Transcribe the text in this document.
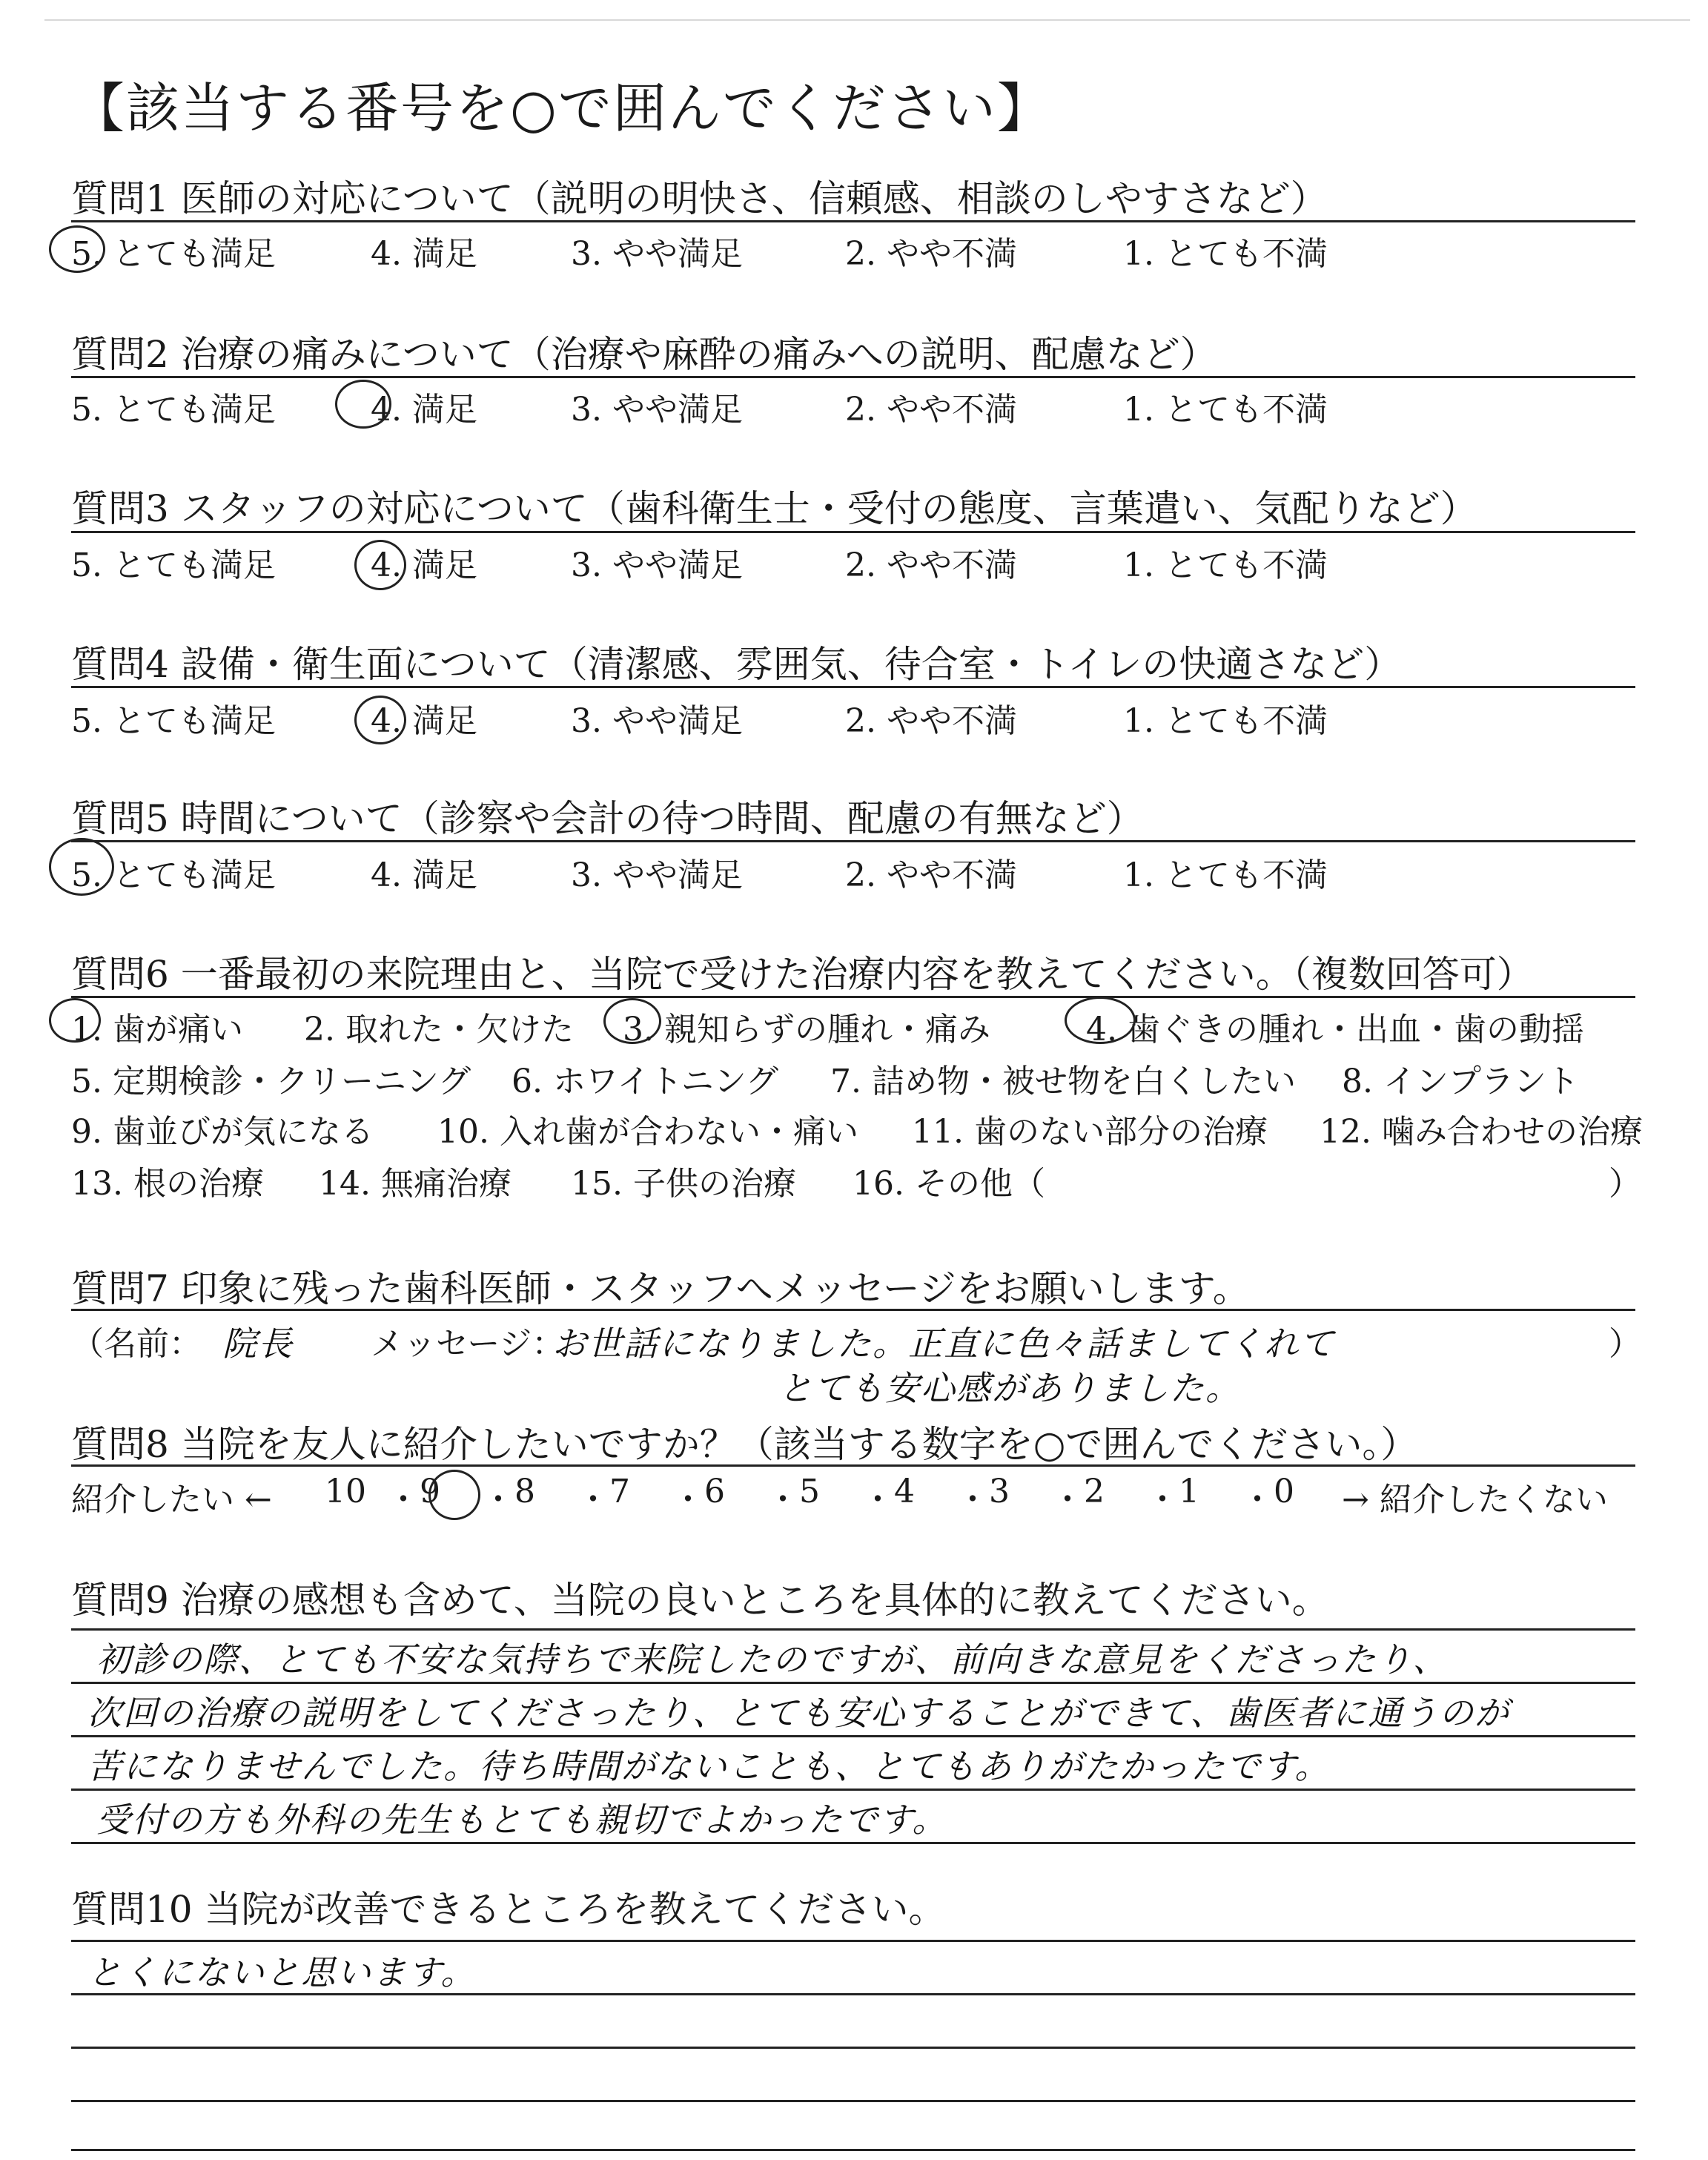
【該当する番号を○で囲んでください】
質問1 医師の対応について（説明の明快さ、信頼感、相談のしやすさなど）
5. とても満足	4. 満足	3. やや満足	2. やや不満	1. とても不満
質問2 治療の痛みについて（治療や麻酔の痛みへの説明、配慮など）
5. とても満足	4. 満足	3. やや満足	2. やや不満	1. とても不満
質問3 スタッフの対応について（歯科衛生士・受付の態度、言葉遣い、気配りなど）
5. とても満足	4. 満足	3. やや満足	2. やや不満	1. とても不満
質問4 設備・衛生面について（清潔感、雰囲気、待合室・トイレの快適さなど）
5. とても満足	4. 満足	3. やや満足	2. やや不満	1. とても不満
質問5 時間について（診察や会計の待つ時間、配慮の有無など）
5. とても満足	4. 満足	3. やや満足	2. やや不満	1. とても不満
質問6 一番最初の来院理由と、当院で受けた治療内容を教えてください。（複数回答可）
1. 歯が痛い 2. 取れた・欠けた 3. 親知らずの腫れ・痛み	4. 歯ぐきの腫れ・出血・歯の動揺
5. 定期検診・クリーニング 6. ホワイトニング 7. 詰め物・被せ物を白くしたい 8. インプラント
9. 歯並びが気になる 10. 入れ歯が合わない・痛い 11. 歯のない部分の治療 12. 噛み合わせの治療
13. 根の治療 14. 無痛治療 15. 子供の治療 16. その他（	）
質問7 印象に残った歯科医師・スタッフへメッセージをお願いします。
（名前： 院長 メッセージ：
お世話になりました。正直に色々話ましてくれて
とても安心感がありました。
）
質問8 当院を友人に紹介したいですか？（該当する数字を○で囲んでください。）
紹介したい ← 10 ・ 9 ・ 8 ・ 7 ・ 6 ・ 5 ・ 4 ・ 3 ・ 2 ・ 1 ・ 0 → 紹介したくない
質問9 治療の感想も含めて、当院の良いところを具体的に教えてください。
初診の際、とても不安な気持ちで来院したのですが、前向きな意見をくださったり、
次回の治療の説明をしてくださったり、とても安心することができて、歯医者に通うのが
苦になりませんでした。待ち時間がないことも、とてもありがたかったです。
受付の方も外科の先生もとても親切でよかったです。
質問10 当院が改善できるところを教えてください。
とくにないと思います。
